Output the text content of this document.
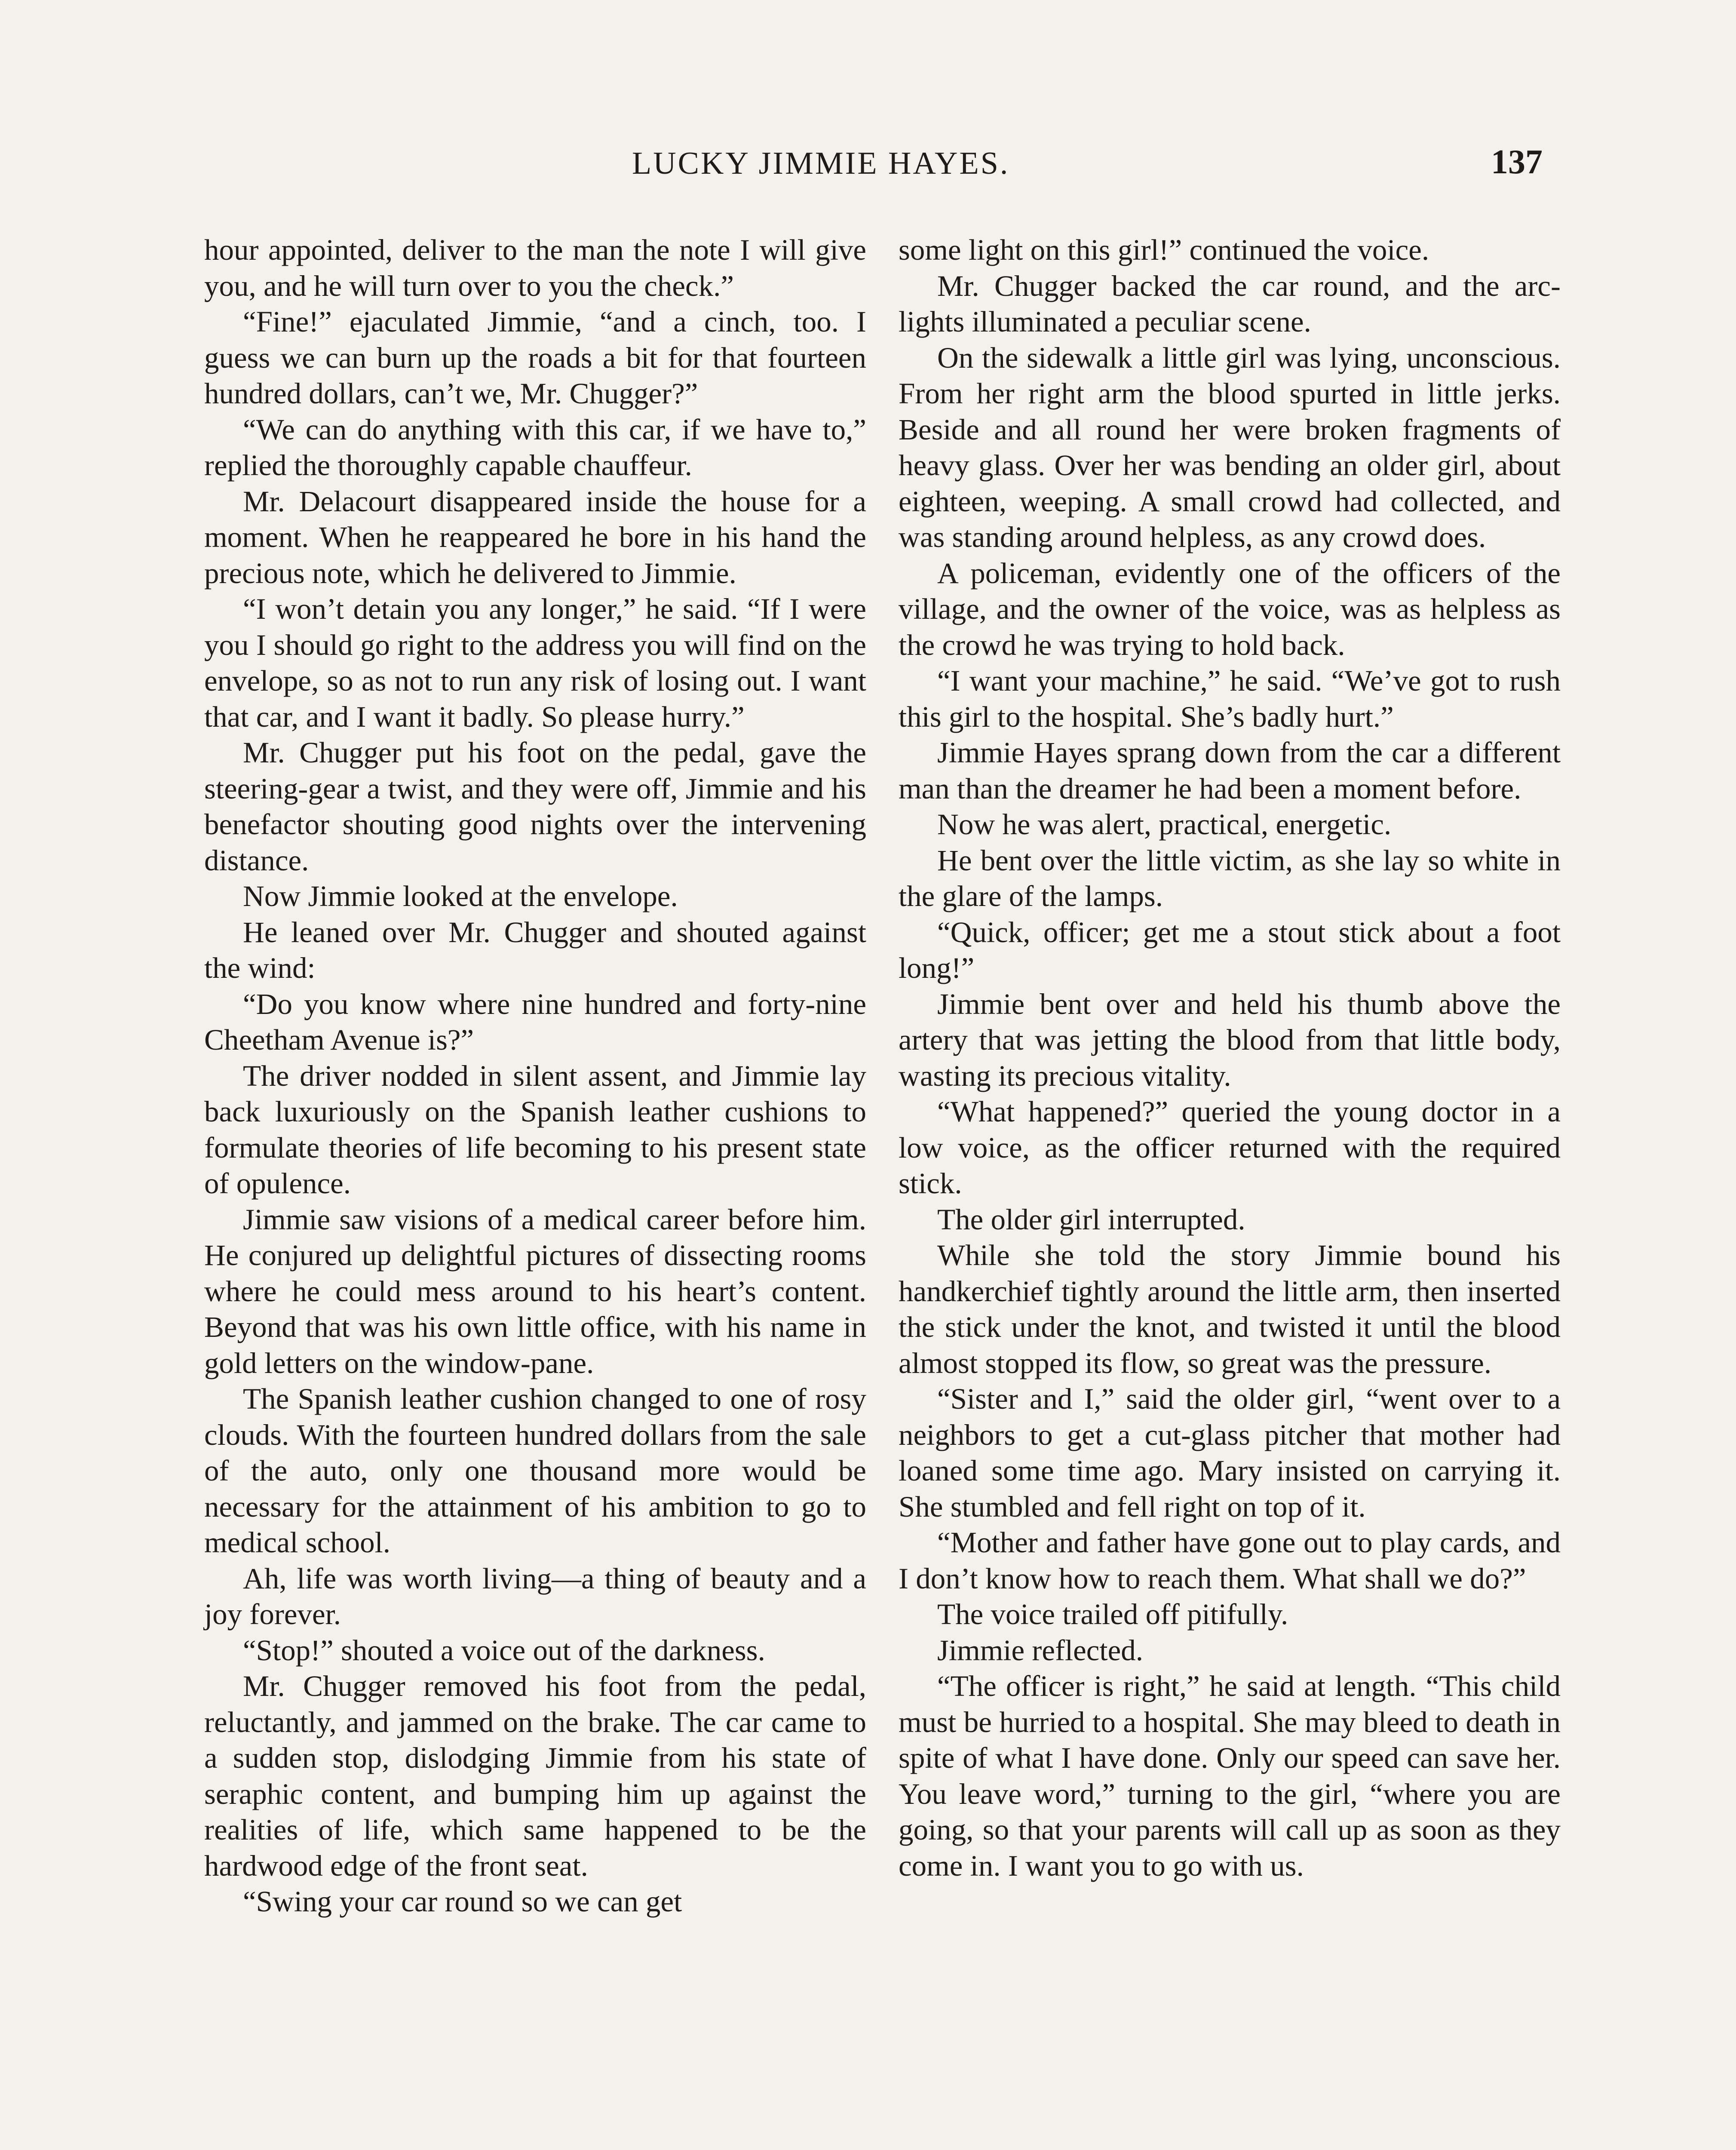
LUCKY JIMMIE HAYES.	137

hour appointed, deliver to the man the note I will give you, and he will turn over to you the check.”

“Fine!” ejaculated Jimmie, “and a cinch, too. I guess we can burn up the roads a bit for that fourteen hundred dollars, can’t we, Mr. Chugger?”

“We can do anything with this car, if we have to,” replied the thoroughly capable chauffeur.

Mr. Delacourt disappeared inside the house for a moment. When he reappeared he bore in his hand the precious note, which he delivered to Jimmie.

“I won’t detain you any longer,” he said. “If I were you I should go right to the address you will find on the envelope, so as not to run any risk of losing out. I want that car, and I want it badly. So please hurry.”

Mr. Chugger put his foot on the pedal, gave the steering-gear a twist, and they were off, Jimmie and his benefactor shouting good nights over the intervening distance.

Now Jimmie looked at the envelope.

He leaned over Mr. Chugger and shouted against the wind:

“Do you know where nine hundred and forty-nine Cheetham Avenue is?”

The driver nodded in silent assent, and Jimmie lay back luxuriously on the Spanish leather cushions to formulate theories of life becoming to his present state of opulence.

Jimmie saw visions of a medical career before him. He conjured up delightful pictures of dissecting rooms where he could mess around to his heart’s content. Beyond that was his own little office, with his name in gold letters on the window-pane.

The Spanish leather cushion changed to one of rosy clouds. With the fourteen hundred dollars from the sale of the auto, only one thousand more would be necessary for the attainment of his ambition to go to medical school.

Ah, life was worth living—a thing of beauty and a joy forever.

“Stop!” shouted a voice out of the darkness.

Mr. Chugger removed his foot from the pedal, reluctantly, and jammed on the brake. The car came to a sudden stop, dislodging Jimmie from his state of seraphic content, and bumping him up against the realities of life, which same happened to be the hardwood edge of the front seat.

“Swing your car round so we can get

some light on this girl!” continued the voice.

Mr. Chugger backed the car round, and the arc-lights illuminated a peculiar scene.

On the sidewalk a little girl was lying, unconscious. From her right arm the blood spurted in little jerks. Beside and all round her were broken fragments of heavy glass. Over her was bending an older girl, about eighteen, weeping. A small crowd had collected, and was standing around helpless, as any crowd does.

A policeman, evidently one of the officers of the village, and the owner of the voice, was as helpless as the crowd he was trying to hold back.

“I want your machine,” he said. “We’ve got to rush this girl to the hospital. She’s badly hurt.”

Jimmie Hayes sprang down from the car a different man than the dreamer he had been a moment before.

Now he was alert, practical, energetic.

He bent over the little victim, as she lay so white in the glare of the lamps.

“Quick, officer; get me a stout stick about a foot long!”

Jimmie bent over and held his thumb above the artery that was jetting the blood from that little body, wasting its precious vitality.

“What happened?” queried the young doctor in a low voice, as the officer returned with the required stick.

The older girl interrupted.

While she told the story Jimmie bound his handkerchief tightly around the little arm, then inserted the stick under the knot, and twisted it until the blood almost stopped its flow, so great was the pressure.

“Sister and I,” said the older girl, “went over to a neighbors to get a cut-glass pitcher that mother had loaned some time ago. Mary insisted on carrying it. She stumbled and fell right on top of it.

“Mother and father have gone out to play cards, and I don’t know how to reach them. What shall we do?”

The voice trailed off pitifully.

Jimmie reflected.

“The officer is right,” he said at length. “This child must be hurried to a hospital. She may bleed to death in spite of what I have done. Only our speed can save her. You leave word,” turning to the girl, “where you are going, so that your parents will call up as soon as they come in. I want you to go with us.
